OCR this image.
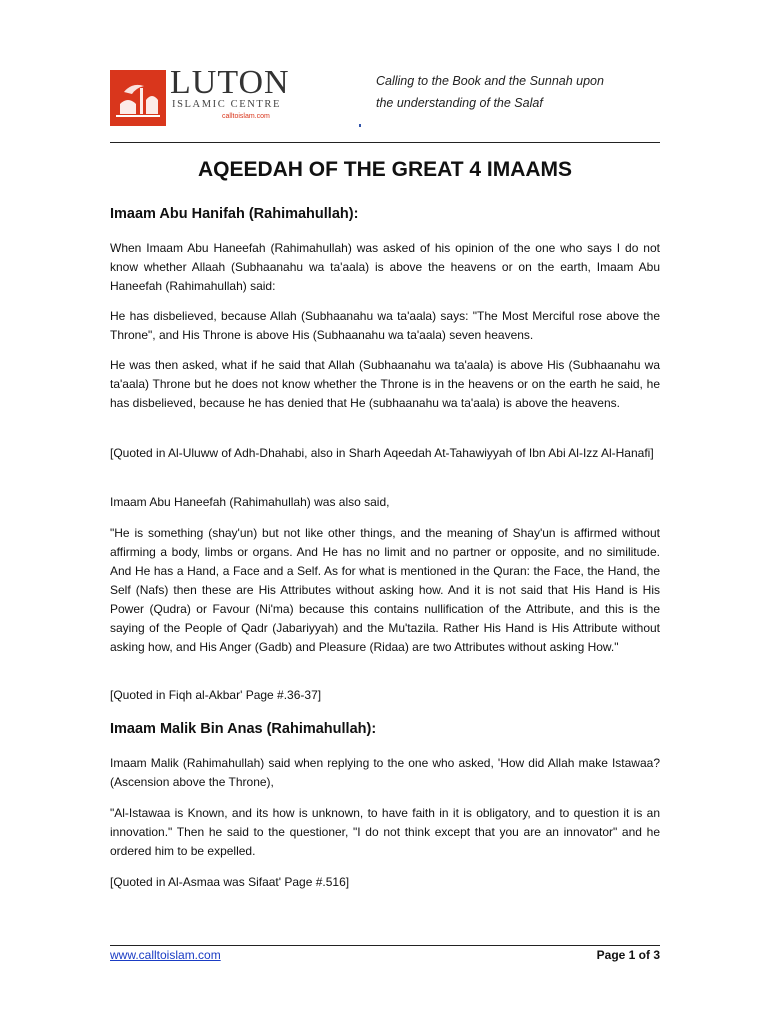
LUTON
ISLAMIC CENTRE
calltoislam.com
Calling to the Book and the Sunnah upon
the understanding of the Salaf
AQEEDAH OF THE GREAT 4 IMAAMS
Imaam Abu Hanifah (Rahimahullah):
When Imaam Abu Haneefah (Rahimahullah) was asked of his opinion of the one who says I do not know whether Allaah (Subhaanahu wa ta'aala) is above the heavens or on the earth, Imaam Abu Haneefah (Rahimahullah) said:
He has disbelieved, because Allah (Subhaanahu wa ta'aala) says: "The Most Merciful rose above the Throne", and His Throne is above His (Subhaanahu wa ta'aala) seven heavens.
He was then asked, what if he said that Allah (Subhaanahu wa ta'aala) is above His (Subhaanahu wa ta'aala) Throne but he does not know whether the Throne is in the heavens or on the earth he said, he has disbelieved, because he has denied that He (subhaanahu wa ta'aala) is above the heavens.
[Quoted in Al-Uluww of Adh-Dhahabi, also in Sharh Aqeedah At-Tahawiyyah of Ibn Abi Al-Izz Al-Hanafi]
Imaam Abu Haneefah (Rahimahullah) was also said,
"He is something (shay'un) but not like other things, and the meaning of Shay'un is affirmed without affirming a body, limbs or organs. And He has no limit and no partner or opposite, and no similitude. And He has a Hand, a Face and a Self. As for what is mentioned in the Quran: the Face, the Hand, the Self (Nafs) then these are His Attributes without asking how. And it is not said that His Hand is His Power (Qudra) or Favour (Ni'ma) because this contains nullification of the Attribute, and this is the saying of the People of Qadr (Jabariyyah) and the Mu'tazila. Rather His Hand is His Attribute without asking how, and His Anger (Gadb) and Pleasure (Ridaa) are two Attributes without asking How."
[Quoted in Fiqh al-Akbar' Page #.36-37]
Imaam Malik Bin Anas (Rahimahullah):
Imaam Malik (Rahimahullah) said when replying to the one who asked, 'How did Allah make Istawaa? (Ascension above the Throne),
"Al-Istawaa is Known, and its how is unknown, to have faith in it is obligatory, and to question it is an innovation." Then he said to the questioner, "I do not think except that you are an innovator" and he ordered him to be expelled.
[Quoted in Al-Asmaa was Sifaat' Page #.516]
www.calltoislam.com	Page 1 of 3
